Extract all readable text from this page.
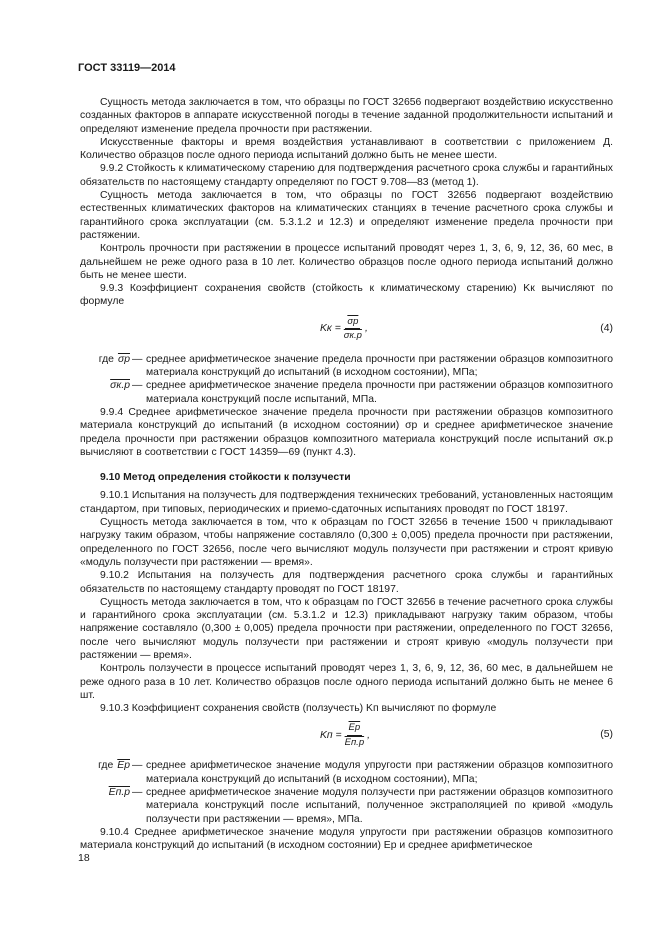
ГОСТ 33119—2014

Сущность метода заключается в том, что образцы по ГОСТ 32656 подвергают воздействию искусственно созданных факторов в аппарате искусственной погоды в течение заданной продолжительности испытаний и определяют изменение предела прочности при растяжении.

Искусственные факторы и время воздействия устанавливают в соответствии с приложением Д. Количество образцов после одного периода испытаний должно быть не менее шести.

9.9.2 Стойкость к климатическому старению для подтверждения расчетного срока службы и гарантийных обязательств по настоящему стандарту определяют по ГОСТ 9.708—83 (метод 1).

Сущность метода заключается в том, что образцы по ГОСТ 32656 подвергают воздействию естественных климатических факторов на климатических станциях в течение расчетного срока службы и гарантийного срока эксплуатации (см. 5.3.1.2 и 12.3) и определяют изменение предела прочности при растяжении.

Контроль прочности при растяжении в процессе испытаний проводят через 1, 3, 6, 9, 12, 36, 60 мес, в дальнейшем не реже одного раза в 10 лет. Количество образцов после одного периода испытаний должно быть не менее шести.

9.9.3 Коэффициент сохранения свойств (стойкость к климатическому старению) Kк вычисляют по формуле

Kк = $\frac{\sigma р}{\sigma к.р}$ ,	(4)
где σр — среднее арифметическое значение предела прочности при растяжении образцов композитного материала конструкций до испытаний (в исходном состоянии), МПа;
σк.р — среднее арифметическое значение предела прочности при растяжении образцов композитного материала конструкций после испытаний, МПа.

9.9.4 Среднее арифметическое значение предела прочности при растяжении образцов композитного материала конструкций до испытаний (в исходном состоянии) σр и среднее арифметическое значение предела прочности при растяжении образцов композитного материала конструкций после испытаний σк.р вычисляют в соответствии с ГОСТ 14359—69 (пункт 4.3).

9.10 Метод определения стойкости к ползучести

9.10.1 Испытания на ползучесть для подтверждения технических требований, установленных настоящим стандартом, при типовых, периодических и приемо-сдаточных испытаниях проводят по ГОСТ 18197.

Сущность метода заключается в том, что к образцам по ГОСТ 32656 в течение 1500 ч прикладывают нагрузку таким образом, чтобы напряжение составляло (0,300 ± 0,005) предела прочности при растяжении, определенного по ГОСТ 32656, после чего вычисляют модуль ползучести при растяжении и строят кривую «модуль ползучести при растяжении — время».

9.10.2 Испытания на ползучесть для подтверждения расчетного срока службы и гарантийных обязательств по настоящему стандарту проводят по ГОСТ 18197.

Сущность метода заключается в том, что к образцам по ГОСТ 32656 в течение расчетного срока службы и гарантийного срока эксплуатации (см. 5.3.1.2 и 12.3) прикладывают нагрузку таким образом, чтобы напряжение составляло (0,300 ± 0,005) предела прочности при растяжении, определенного по ГОСТ 32656, после чего вычисляют модуль ползучести при растяжении и строят кривую «модуль ползучести при растяжении — время».

Контроль ползучести в процессе испытаний проводят через 1, 3, 6, 9, 12, 36, 60 мес, в дальнейшем не реже одного раза в 10 лет. Количество образцов после одного периода испытаний должно быть не менее 6 шт.

9.10.3 Коэффициент сохранения свойств (ползучесть) Kп вычисляют по формуле

Kп = $\frac{Eр}{Eп.р}$ ,	(5)
где Eр — среднее арифметическое значение модуля упругости при растяжении образцов композитного материала конструкций до испытаний (в исходном состоянии), МПа;
Eп.р — среднее арифметическое значение модуля ползучести при растяжении образцов композитного материала конструкций после испытаний, полученное экстраполяцией по кривой «модуль ползучести при растяжении — время», МПа.

9.10.4 Среднее арифметическое значение модуля упругости при растяжении образцов композитного материала конструкций до испытаний (в исходном состоянии) Eр и среднее арифметическое

18
